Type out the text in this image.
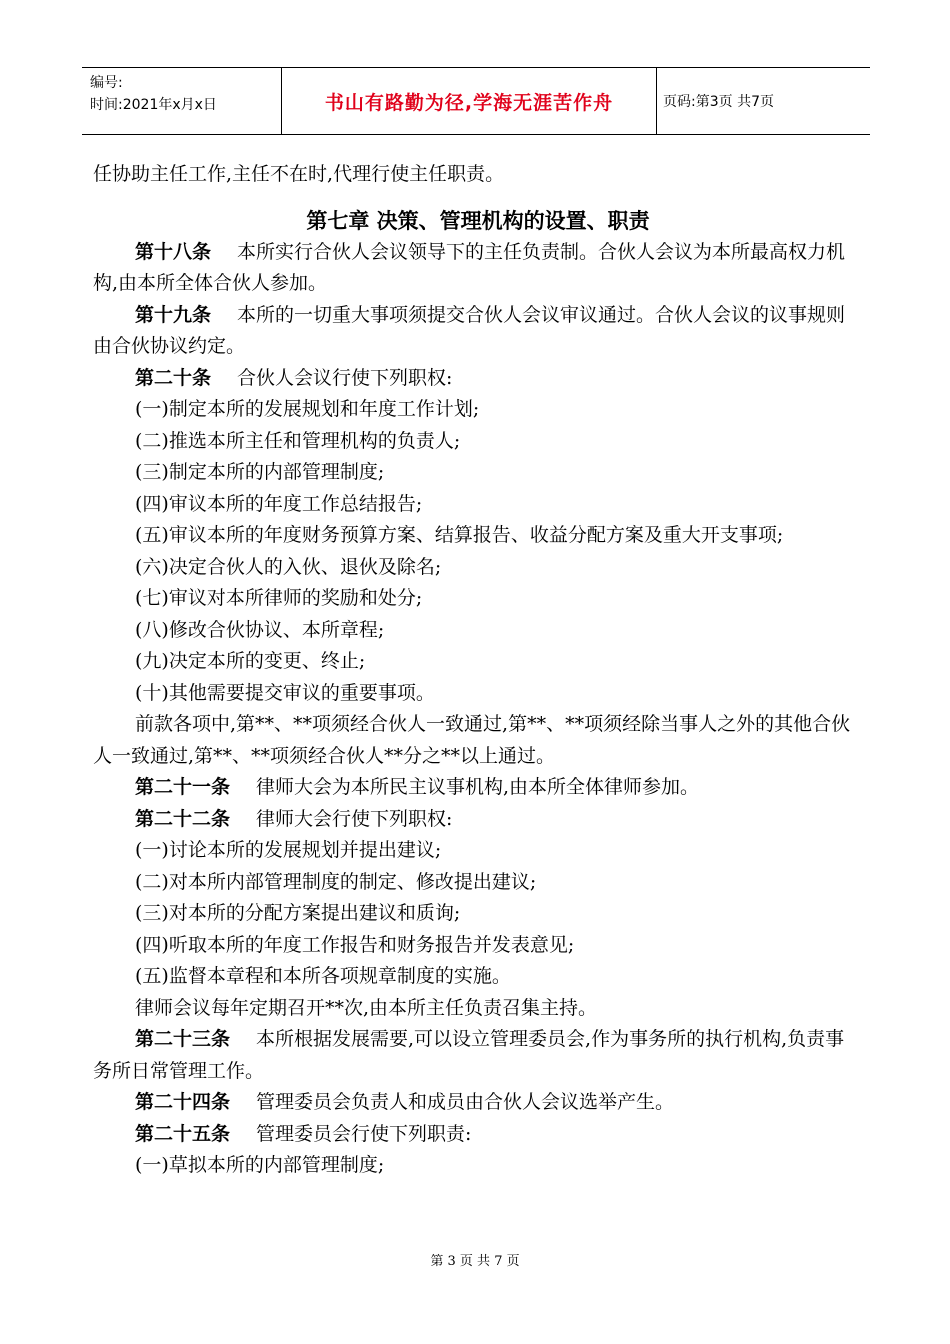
编号:
时间:2021年x月x日	书山有路勤为径,学海无涯苦作舟	页码:第3页 共7页

任协助主任工作,主任不在时,代理行使主任职责。

第七章 决策、管理机构的设置、职责

第十八条 本所实行合伙人会议领导下的主任负责制。合伙人会议为本所最高权力机构,由本所全体合伙人参加。

第十九条 本所的一切重大事项须提交合伙人会议审议通过。合伙人会议的议事规则由合伙协议约定。

第二十条 合伙人会议行使下列职权:

(一)制定本所的发展规划和年度工作计划;

(二)推选本所主任和管理机构的负责人;

(三)制定本所的内部管理制度;

(四)审议本所的年度工作总结报告;

(五)审议本所的年度财务预算方案、结算报告、收益分配方案及重大开支事项;

(六)决定合伙人的入伙、退伙及除名;

(七)审议对本所律师的奖励和处分;

(八)修改合伙协议、本所章程;

(九)决定本所的变更、终止;

(十)其他需要提交审议的重要事项。

前款各项中,第**、**项须经合伙人一致通过,第**、**项须经除当事人之外的其他合伙人一致通过,第**、**项须经合伙人**分之**以上通过。

第二十一条 律师大会为本所民主议事机构,由本所全体律师参加。

第二十二条 律师大会行使下列职权:

(一)讨论本所的发展规划并提出建议;

(二)对本所内部管理制度的制定、修改提出建议;

(三)对本所的分配方案提出建议和质询;

(四)听取本所的年度工作报告和财务报告并发表意见;

(五)监督本章程和本所各项规章制度的实施。

律师会议每年定期召开**次,由本所主任负责召集主持。

第二十三条 本所根据发展需要,可以设立管理委员会,作为事务所的执行机构,负责事务所日常管理工作。

第二十四条 管理委员会负责人和成员由合伙人会议选举产生。

第二十五条 管理委员会行使下列职责:

(一)草拟本所的内部管理制度;

第 3 页 共 7 页
